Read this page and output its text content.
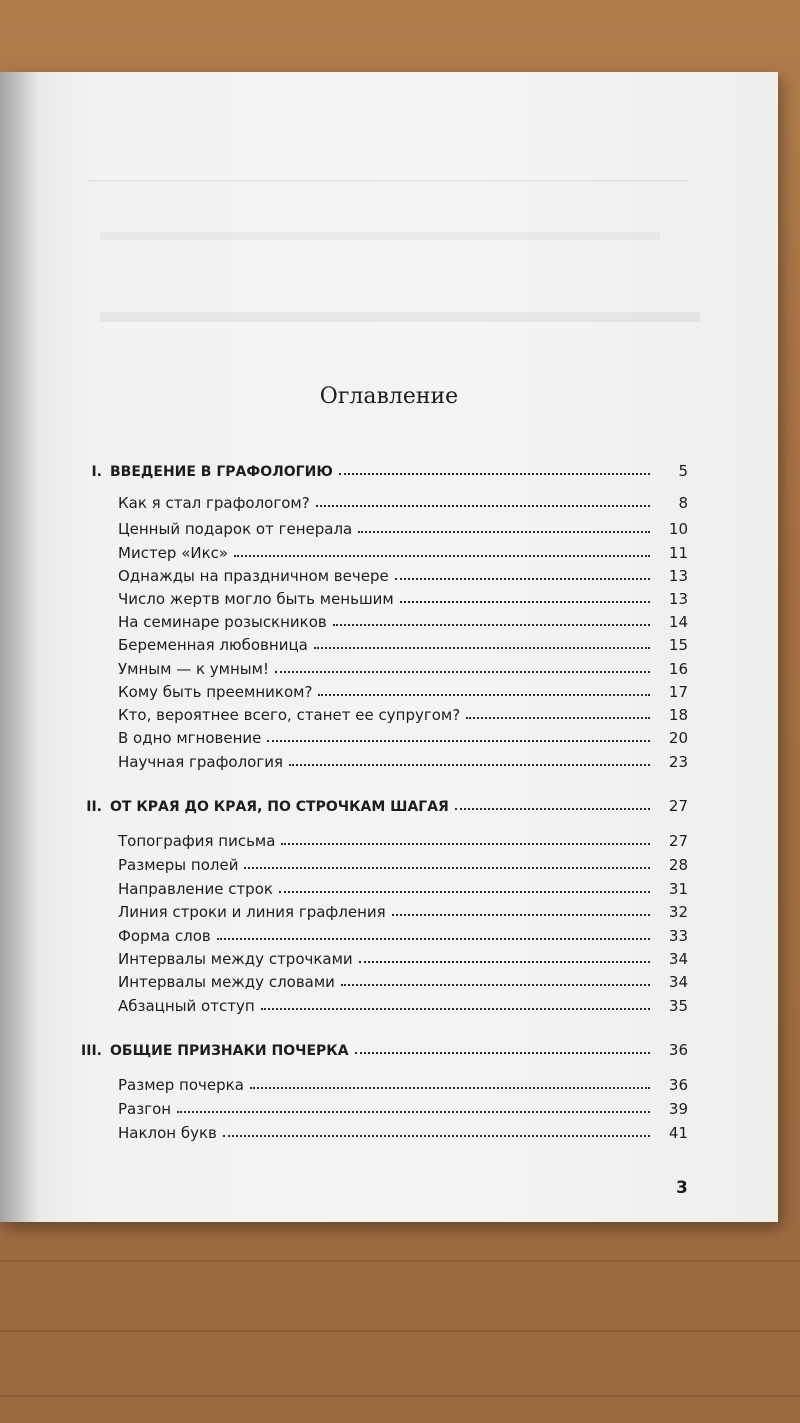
Оглавление
I. ВВЕДЕНИЕ В ГРАФОЛОГИЮ	5
Как я стал графологом?	8
Ценный подарок от генерала	10
Мистер «Икс»	11
Однажды на праздничном вечере	13
Число жертв могло быть меньшим	13
На семинаре розыскников	14
Беременная любовница	15
Умным — к умным!	16
Кому быть преемником?	17
Кто, вероятнее всего, станет ее супругом?	18
В одно мгновение	20
Научная графология	23
II. ОТ КРАЯ ДО КРАЯ, ПО СТРОЧКАМ ШАГАЯ	27
Топография письма	27
Размеры полей	28
Направление строк	31
Линия строки и линия графления	32
Форма слов	33
Интервалы между строчками	34
Интервалы между словами	34
Абзацный отступ	35
III. ОБЩИЕ ПРИЗНАКИ ПОЧЕРКА	36
Размер почерка	36
Разгон	39
Наклон букв	41
3
